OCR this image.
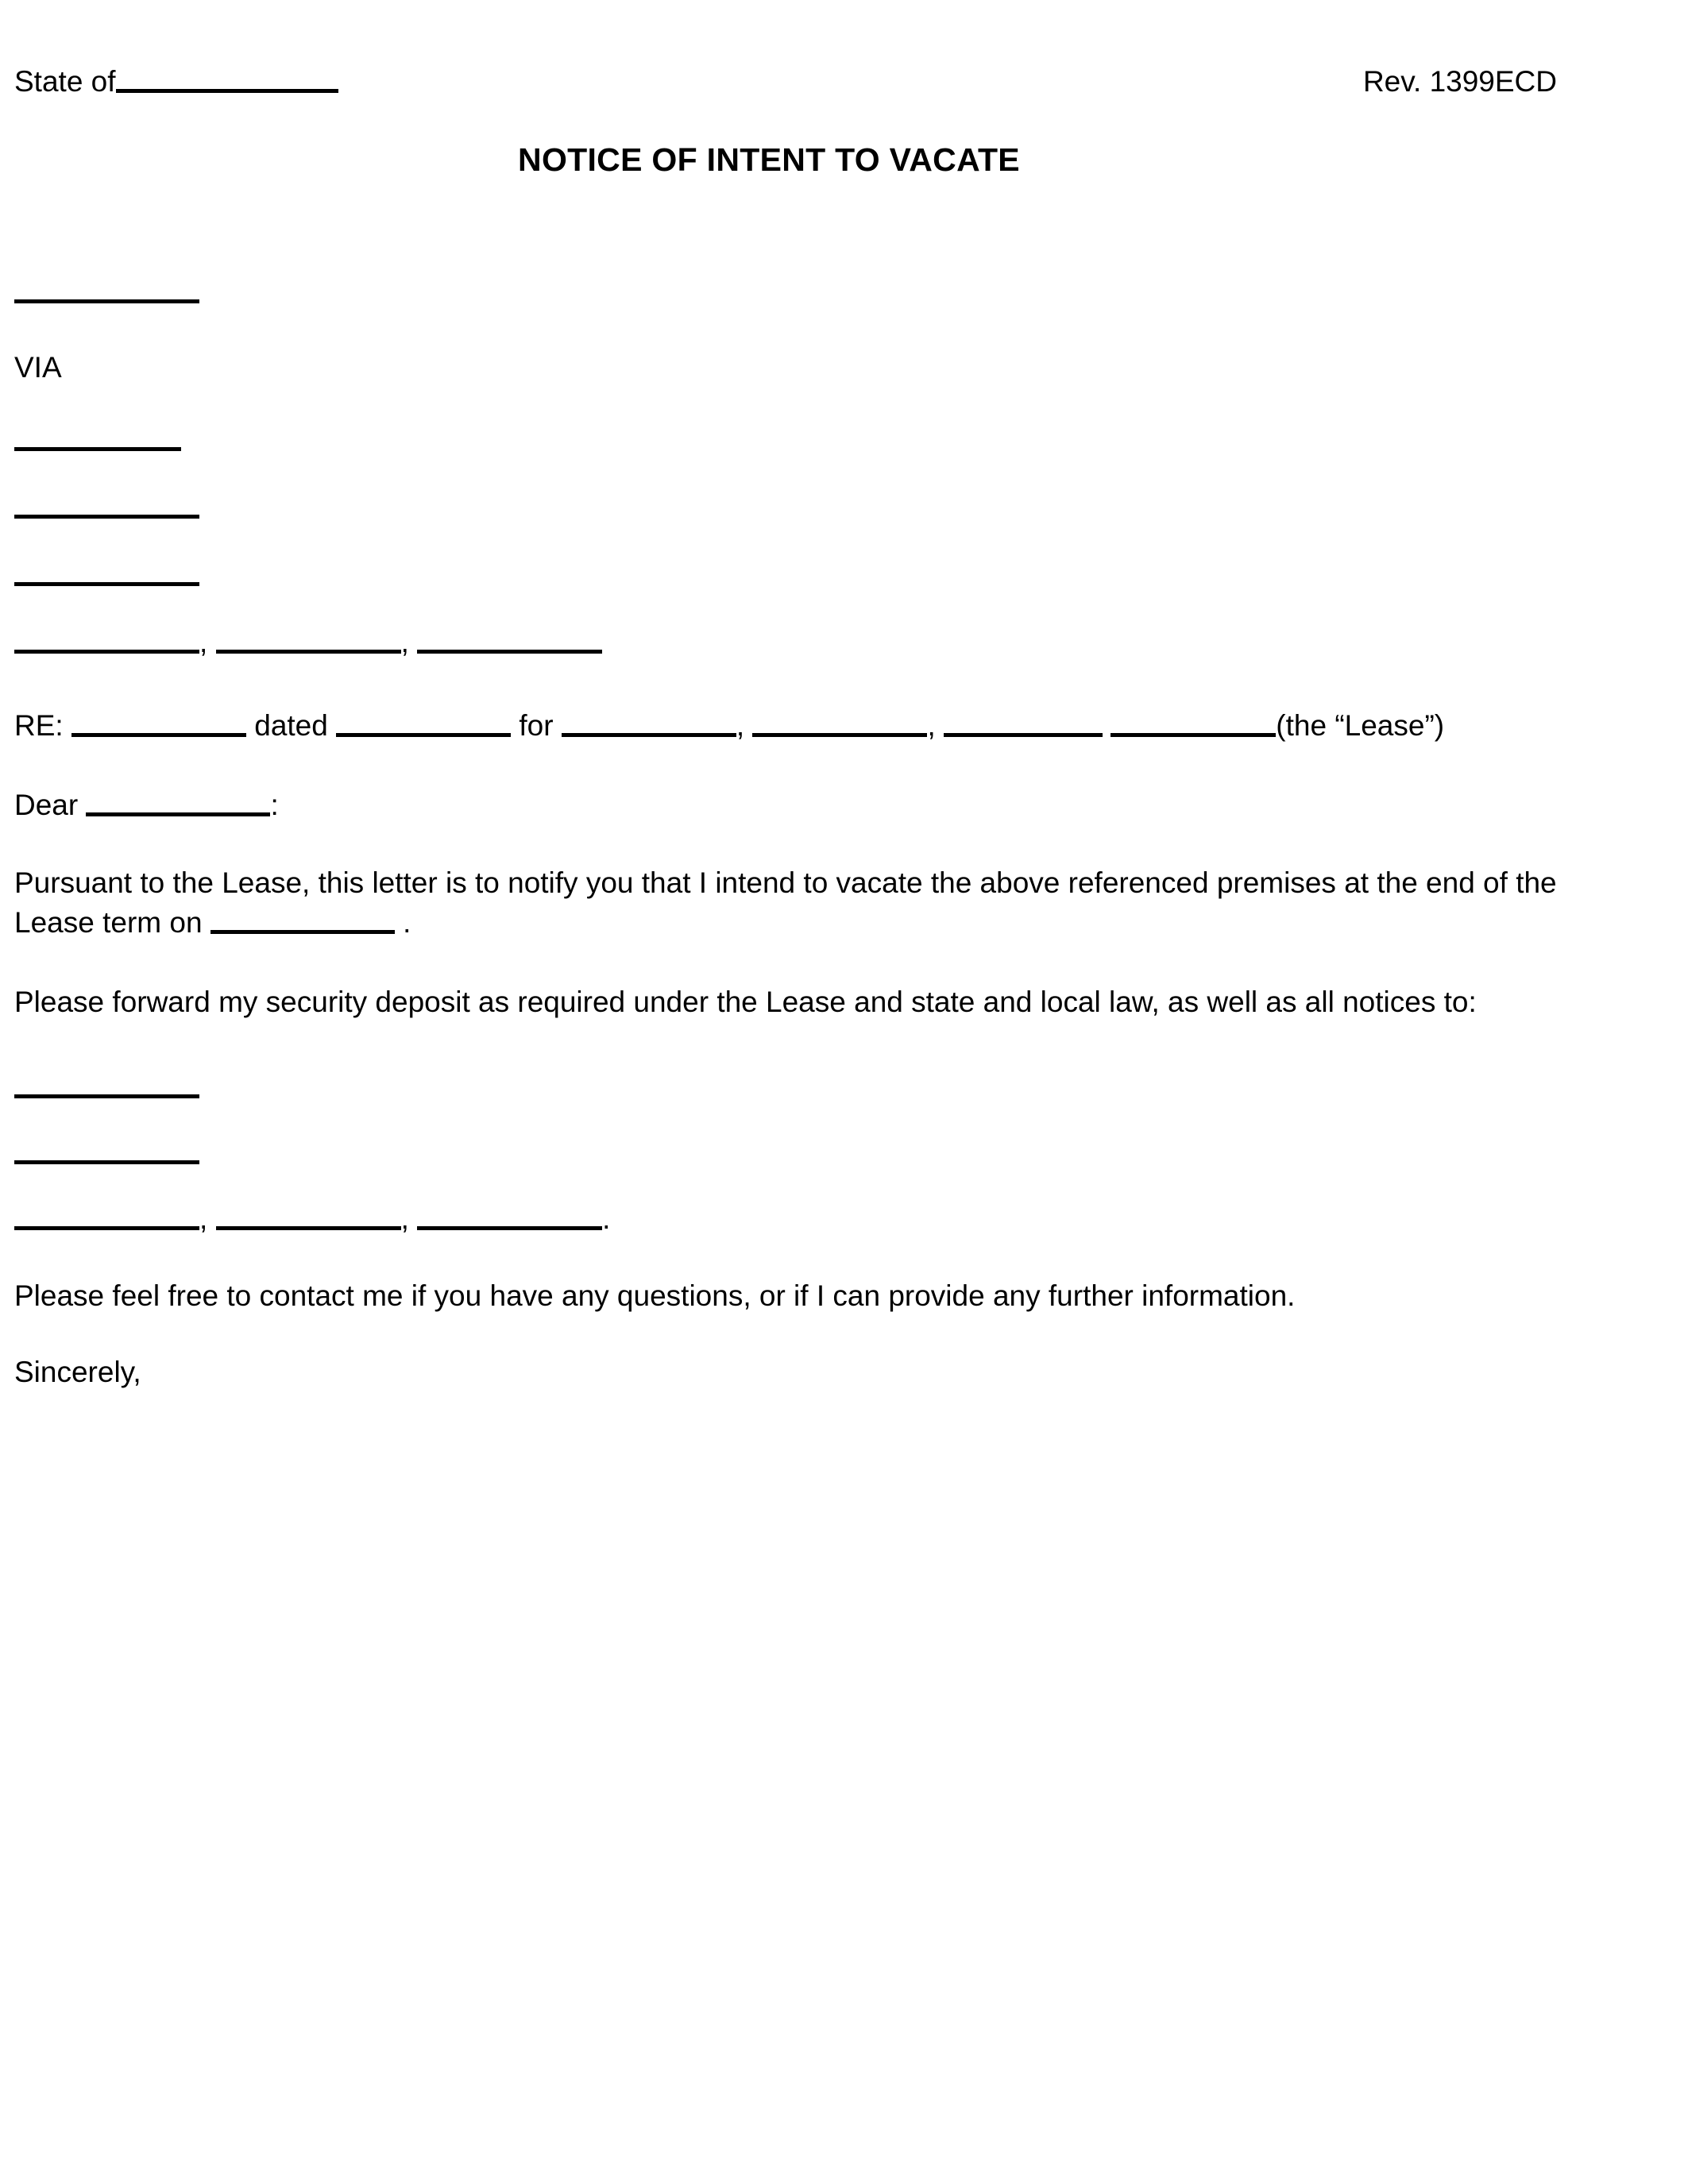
State of	Rev. 1399ECD
NOTICE OF INTENT TO VACATE
VIA
,	,
RE:	dated	for	,	,	(the “Lease”)
Dear	:
Pursuant to the Lease, this letter is to notify you that I intend to vacate the above referenced premises at the end of the Lease term on	.
Please forward my security deposit as required under the Lease and state and local law, as well as all notices to:
,	,	.
Please feel free to contact me if you have any questions, or if I can provide any further information.
Sincerely,
